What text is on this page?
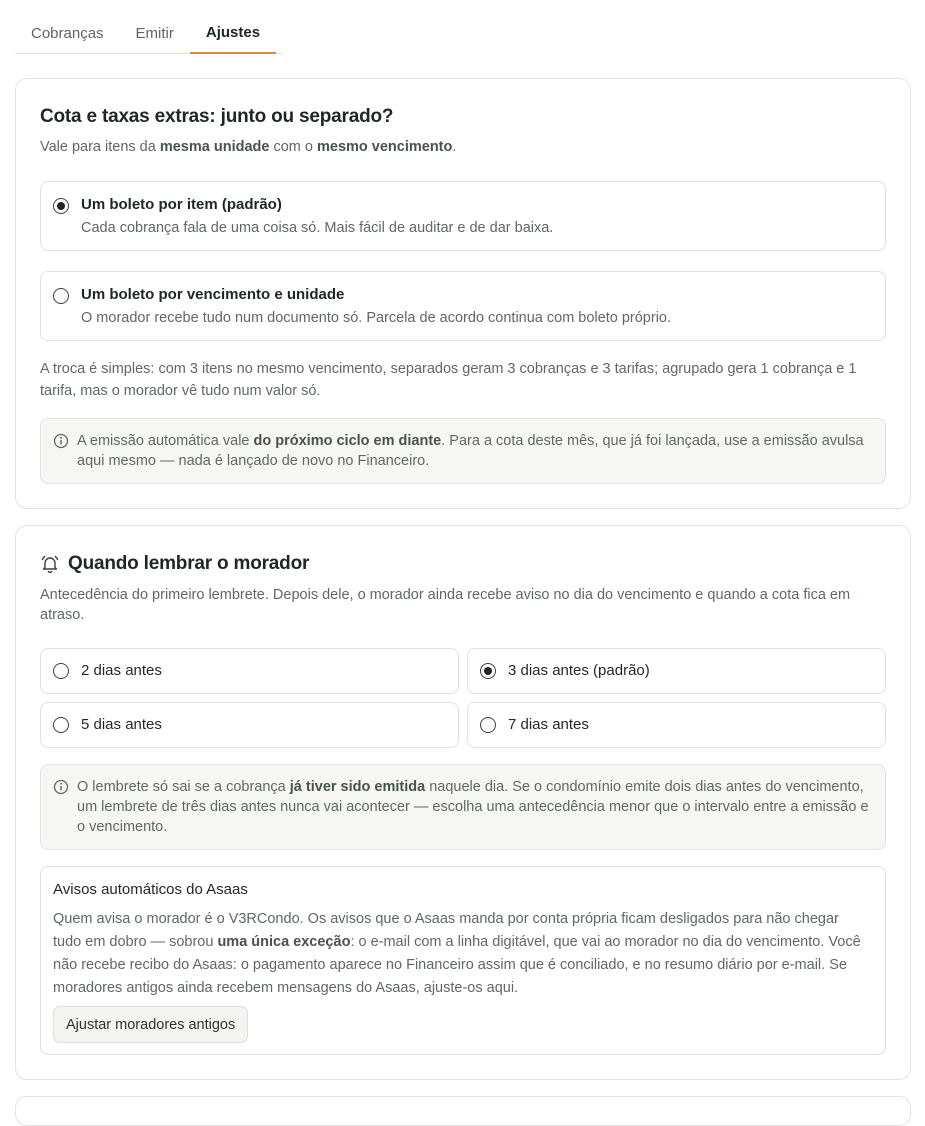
Cobranças	Emitir	Ajustes
Cota e taxas extras: junto ou separado?
Vale para itens da mesma unidade com o mesmo vencimento.
Um boleto por item (padrão)
Cada cobrança fala de uma coisa só. Mais fácil de auditar e de dar baixa.
Um boleto por vencimento e unidade
O morador recebe tudo num documento só. Parcela de acordo continua com boleto próprio.
A troca é simples: com 3 itens no mesmo vencimento, separados geram 3 cobranças e 3 tarifas; agrupado gera 1 cobrança e 1 tarifa, mas o morador vê tudo num valor só.
A emissão automática vale do próximo ciclo em diante. Para a cota deste mês, que já foi lançada, use a emissão avulsa aqui mesmo — nada é lançado de novo no Financeiro.
Quando lembrar o morador
Antecedência do primeiro lembrete. Depois dele, o morador ainda recebe aviso no dia do vencimento e quando a cota fica em atraso.
2 dias antes	3 dias antes (padrão)
5 dias antes	7 dias antes
O lembrete só sai se a cobrança já tiver sido emitida naquele dia. Se o condomínio emite dois dias antes do vencimento, um lembrete de três dias antes nunca vai acontecer — escolha uma antecedência menor que o intervalo entre a emissão e o vencimento.
Avisos automáticos do Asaas
Quem avisa o morador é o V3RCondo. Os avisos que o Asaas manda por conta própria ficam desligados para não chegar tudo em dobro — sobrou uma única exceção: o e-mail com a linha digitável, que vai ao morador no dia do vencimento. Você não recebe recibo do Asaas: o pagamento aparece no Financeiro assim que é conciliado, e no resumo diário por e-mail. Se moradores antigos ainda recebem mensagens do Asaas, ajuste-os aqui.
Ajustar moradores antigos
